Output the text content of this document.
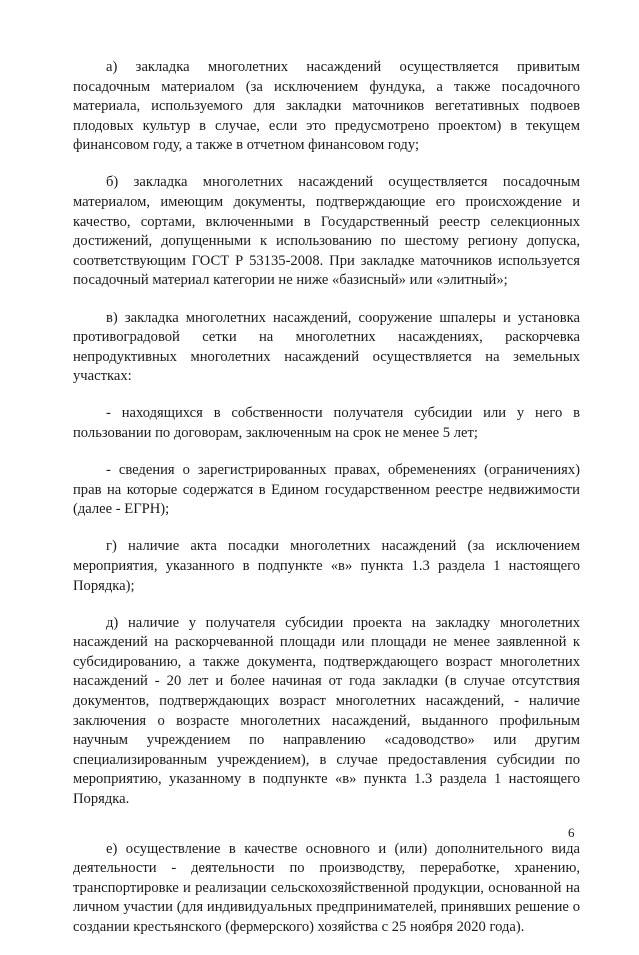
а) закладка многолетних насаждений осуществляется привитым посадочным материалом (за исключением фундука, а также посадочного материала, используемого для закладки маточников вегетативных подвоев плодовых культур в случае, если это предусмотрено проектом) в текущем финансовом году, а также в отчетном финансовом году;

б) закладка многолетних насаждений осуществляется посадочным материалом, имеющим документы, подтверждающие его происхождение и качество, сортами, включенными в Государственный реестр селекционных достижений, допущенными к использованию по шестому региону допуска, соответствующим ГОСТ Р 53135-2008. При закладке маточников используется посадочный материал категории не ниже «базисный» или «элитный»;

в) закладка многолетних насаждений, сооружение шпалеры и установка противоградовой сетки на многолетних насаждениях, раскорчевка непродуктивных многолетних насаждений осуществляется на земельных участках:

- находящихся в собственности получателя субсидии или у него в пользовании по договорам, заключенным на срок не менее 5 лет;

- сведения о зарегистрированных правах, обременениях (ограничениях) прав на которые содержатся в Едином государственном реестре недвижимости (далее - ЕГРН);

г) наличие акта посадки многолетних насаждений (за исключением мероприятия, указанного в подпункте «в» пункта 1.3 раздела 1 настоящего Порядка);

д) наличие у получателя субсидии проекта на закладку многолетних насаждений на раскорчеванной площади или площади не менее заявленной к субсидированию, а также документа, подтверждающего возраст многолетних насаждений - 20 лет и более начиная от года закладки (в случае отсутствия документов, подтверждающих возраст многолетних насаждений, - наличие заключения о возрасте многолетних насаждений, выданного профильным научным учреждением по направлению «садоводство» или другим специализированным учреждением), в случае предоставления субсидии по мероприятию, указанному в подпункте «в» пункта 1.3 раздела 1 настоящего Порядка.

е) осуществление в качестве основного и (или) дополнительного вида деятельности - деятельности по производству, переработке, хранению, транспортировке и реализации сельскохозяйственной продукции, основанной на личном участии (для индивидуальных предпринимателей, принявших решение о создании крестьянского (фермерского) хозяйства с 25 ноября 2020 года).

6
